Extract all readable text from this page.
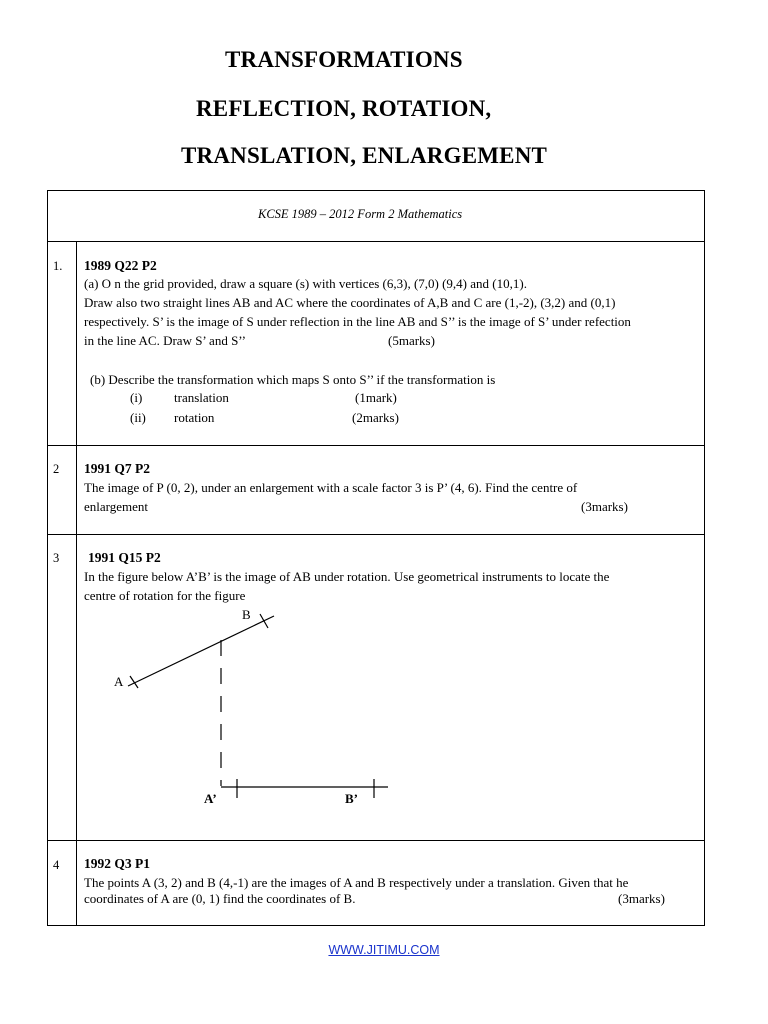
TRANSFORMATIONS
REFLECTION, ROTATION,
TRANSLATION, ENLARGEMENT
KCSE 1989 – 2012 Form 2 Mathematics
1. 1989 Q22 P2
(a) O n the grid provided, draw a square (s) with vertices (6,3), (7,0) (9,4) and (10,1).
Draw also two straight lines AB and AC where the coordinates of A,B and C are (1,-2), (3,2) and (0,1)
respectively. S’ is the image of S under reflection in the line AB and S’’ is the image of S’ under refection
in the line AC. Draw S’ and S’’	(5marks)
(b) Describe the transformation which maps S onto S’’ if the transformation is
(i) translation	(1mark)
(ii) rotation	(2marks)
2 1991 Q7 P2
The image of P (0, 2), under an enlargement with a scale factor 3 is P’ (4, 6). Find the centre of
enlargement	(3marks)
3 1991 Q15 P2
In the figure below A’B’ is the image of AB under rotation. Use geometrical instruments to locate the
centre of rotation for the figure
A
B
A’	B’
4 1992 Q3 P1
The points A (3, 2) and B (4,-1) are the images of A and B respectively under a translation. Given that he
coordinates of A are (0, 1) find the coordinates of B.	(3marks)
WWW.JITIMU.COM
